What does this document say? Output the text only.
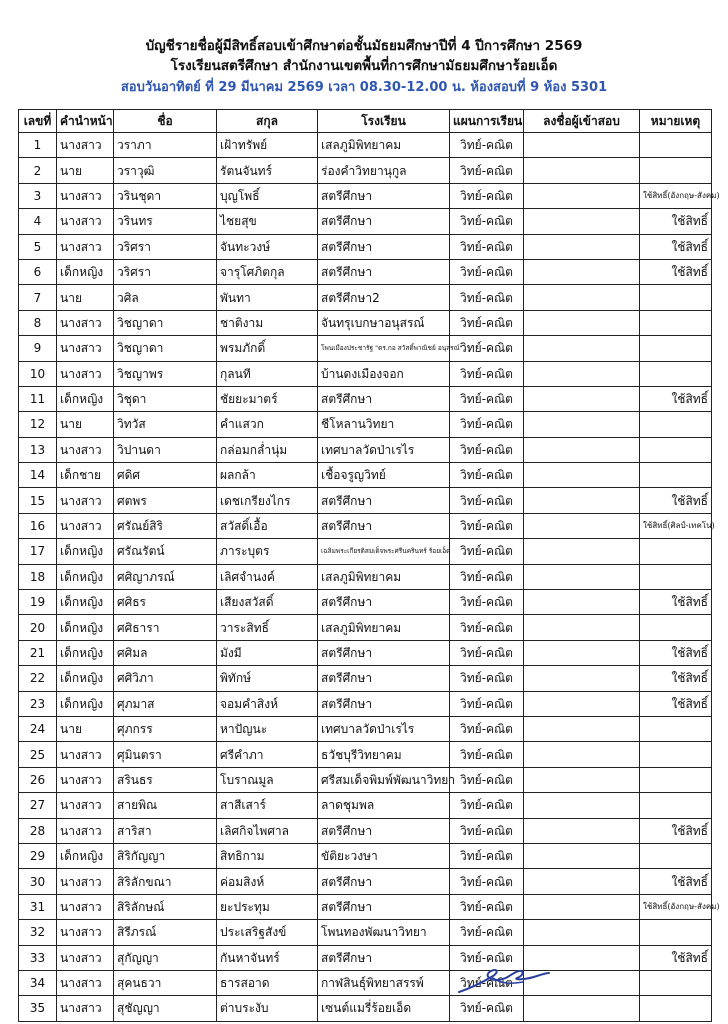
บัญชีรายชื่อผู้มีสิทธิ์สอบเข้าศึกษาต่อชั้นมัธยมศึกษาปีที่ 4 ปีการศึกษา 2569
โรงเรียนสตรีศึกษา สำนักงานเขตพื้นที่การศึกษามัธยมศึกษาร้อยเอ็ด
สอบวันอาทิตย์ ที่ 29 มีนาคม 2569 เวลา 08.30-12.00 น. ห้องสอบที่ 9 ห้อง 5301
เลขที่	คำนำหน้า	ชื่อ	สกุล	โรงเรียน	แผนการเรียน	ลงชื่อผู้เข้าสอบ	หมายเหตุ
1	นางสาว	วราภา	เฝ้าทรัพย์	เสลภูมิพิทยาคม	วิทย์-คณิต		
2	นาย	วราวุฒิ	รัตนจันทร์	ร่องคำวิทยานุกูล	วิทย์-คณิต		
3	นางสาว	วรินชุดา	บุญโพธิ์	สตรีศึกษา	วิทย์-คณิต		ใช้สิทธิ์(อังกฤษ-สังคม)
4	นางสาว	วรินทร	ไชยสุข	สตรีศึกษา	วิทย์-คณิต		ใช้สิทธิ์
5	นางสาว	วริศรา	จันทะวงษ์	สตรีศึกษา	วิทย์-คณิต		ใช้สิทธิ์
6	เด็กหญิง	วริศรา	จารุโศภิตกุล	สตรีศึกษา	วิทย์-คณิต		ใช้สิทธิ์
7	นาย	วศิล	พันทา	สตรีศึกษา2	วิทย์-คณิต		
8	นางสาว	วิชญาดา	ชาติงาม	จันทรุเบกษาอนุสรณ์	วิทย์-คณิต		
9	นางสาว	วิชญาดา	พรมภักดิ์	โพนเมืองประชารัฐ "ดร.กอ สวัสดิ์พาณิชย์ อนุสรณ์"	วิทย์-คณิต		
10	นางสาว	วิชญาพร	กุลนที	บ้านดงเมืองจอก	วิทย์-คณิต		
11	เด็กหญิง	วิชุดา	ชัยยะมาตร์	สตรีศึกษา	วิทย์-คณิต		ใช้สิทธิ์
12	นาย	วิทวัส	คำแสวก	ชีโหลานวิทยา	วิทย์-คณิต		
13	นางสาว	วิปานดา	กล่อมกล่ำนุ่ม	เทศบาลวัดป่าเรไร	วิทย์-คณิต		
14	เด็กชาย	ศดิศ	ผลกล้า	เชื้อจรูญวิทย์	วิทย์-คณิต		
15	นางสาว	ศตพร	เดชเกรียงไกร	สตรีศึกษา	วิทย์-คณิต		ใช้สิทธิ์
16	นางสาว	ศรัณย์สิริ	สวัสดิ์เอื้อ	สตรีศึกษา	วิทย์-คณิต		ใช้สิทธิ์(ศิลป์-เทคโน)
17	เด็กหญิง	ศรัณรัตน์	ภาระบุตร	เฉลิมพระเกียรติสมเด็จพระศรีนครินทร์ ร้อยเอ็ด	วิทย์-คณิต		
18	เด็กหญิง	ศศิญาภรณ์	เลิศจำนงค์	เสลภูมิพิทยาคม	วิทย์-คณิต		
19	เด็กหญิง	ศศิธร	เสียงสวัสดิ์	สตรีศึกษา	วิทย์-คณิต		ใช้สิทธิ์
20	เด็กหญิง	ศศิธารา	วาระสิทธิ์	เสลภูมิพิทยาคม	วิทย์-คณิต		
21	เด็กหญิง	ศศิมล	มังมี	สตรีศึกษา	วิทย์-คณิต		ใช้สิทธิ์
22	เด็กหญิง	ศศิวิภา	พิทักษ์	สตรีศึกษา	วิทย์-คณิต		ใช้สิทธิ์
23	เด็กหญิง	ศุภมาส	จอมคำสิงห์	สตรีศึกษา	วิทย์-คณิต		ใช้สิทธิ์
24	นาย	ศุภกรร	หาปัญนะ	เทศบาลวัดป่าเรไร	วิทย์-คณิต		
25	นางสาว	ศุมินตรา	ศรีคำภา	ธวัชบุรีวิทยาคม	วิทย์-คณิต		
26	นางสาว	สรินธร	โบราณมูล	ศรีสมเด็จพิมพ์พัฒนาวิทยา	วิทย์-คณิต		
27	นางสาว	สายพิณ	สาสีเสาร์	ลาดชุมพล	วิทย์-คณิต		
28	นางสาว	สาริสา	เลิศกิจไพศาล	สตรีศึกษา	วิทย์-คณิต		ใช้สิทธิ์
29	เด็กหญิง	สิริกัญญา	สิทธิกาม	ขัติยะวงษา	วิทย์-คณิต		
30	นางสาว	สิริลักขณา	ค่อมสิงห์	สตรีศึกษา	วิทย์-คณิต		ใช้สิทธิ์
31	นางสาว	สิริลักษณ์	ยะประทุม	สตรีศึกษา	วิทย์-คณิต		ใช้สิทธิ์(อังกฤษ-สังคม)
32	นางสาว	สิรีภรณ์	ประเสริฐสังข์	โพนทองพัฒนาวิทยา	วิทย์-คณิต		
33	นางสาว	สุกัญญา	กันหาจันทร์	สตรีศึกษา	วิทย์-คณิต		ใช้สิทธิ์
34	นางสาว	สุคนธวา	ธารสอาด	กาฬสินธุ์พิทยาสรรพ์	วิทย์-คณิต		
35	นางสาว	สุชัญญา	ต่าบระงับ	เซนต์แมรี่ร้อยเอ็ด	วิทย์-คณิต		
